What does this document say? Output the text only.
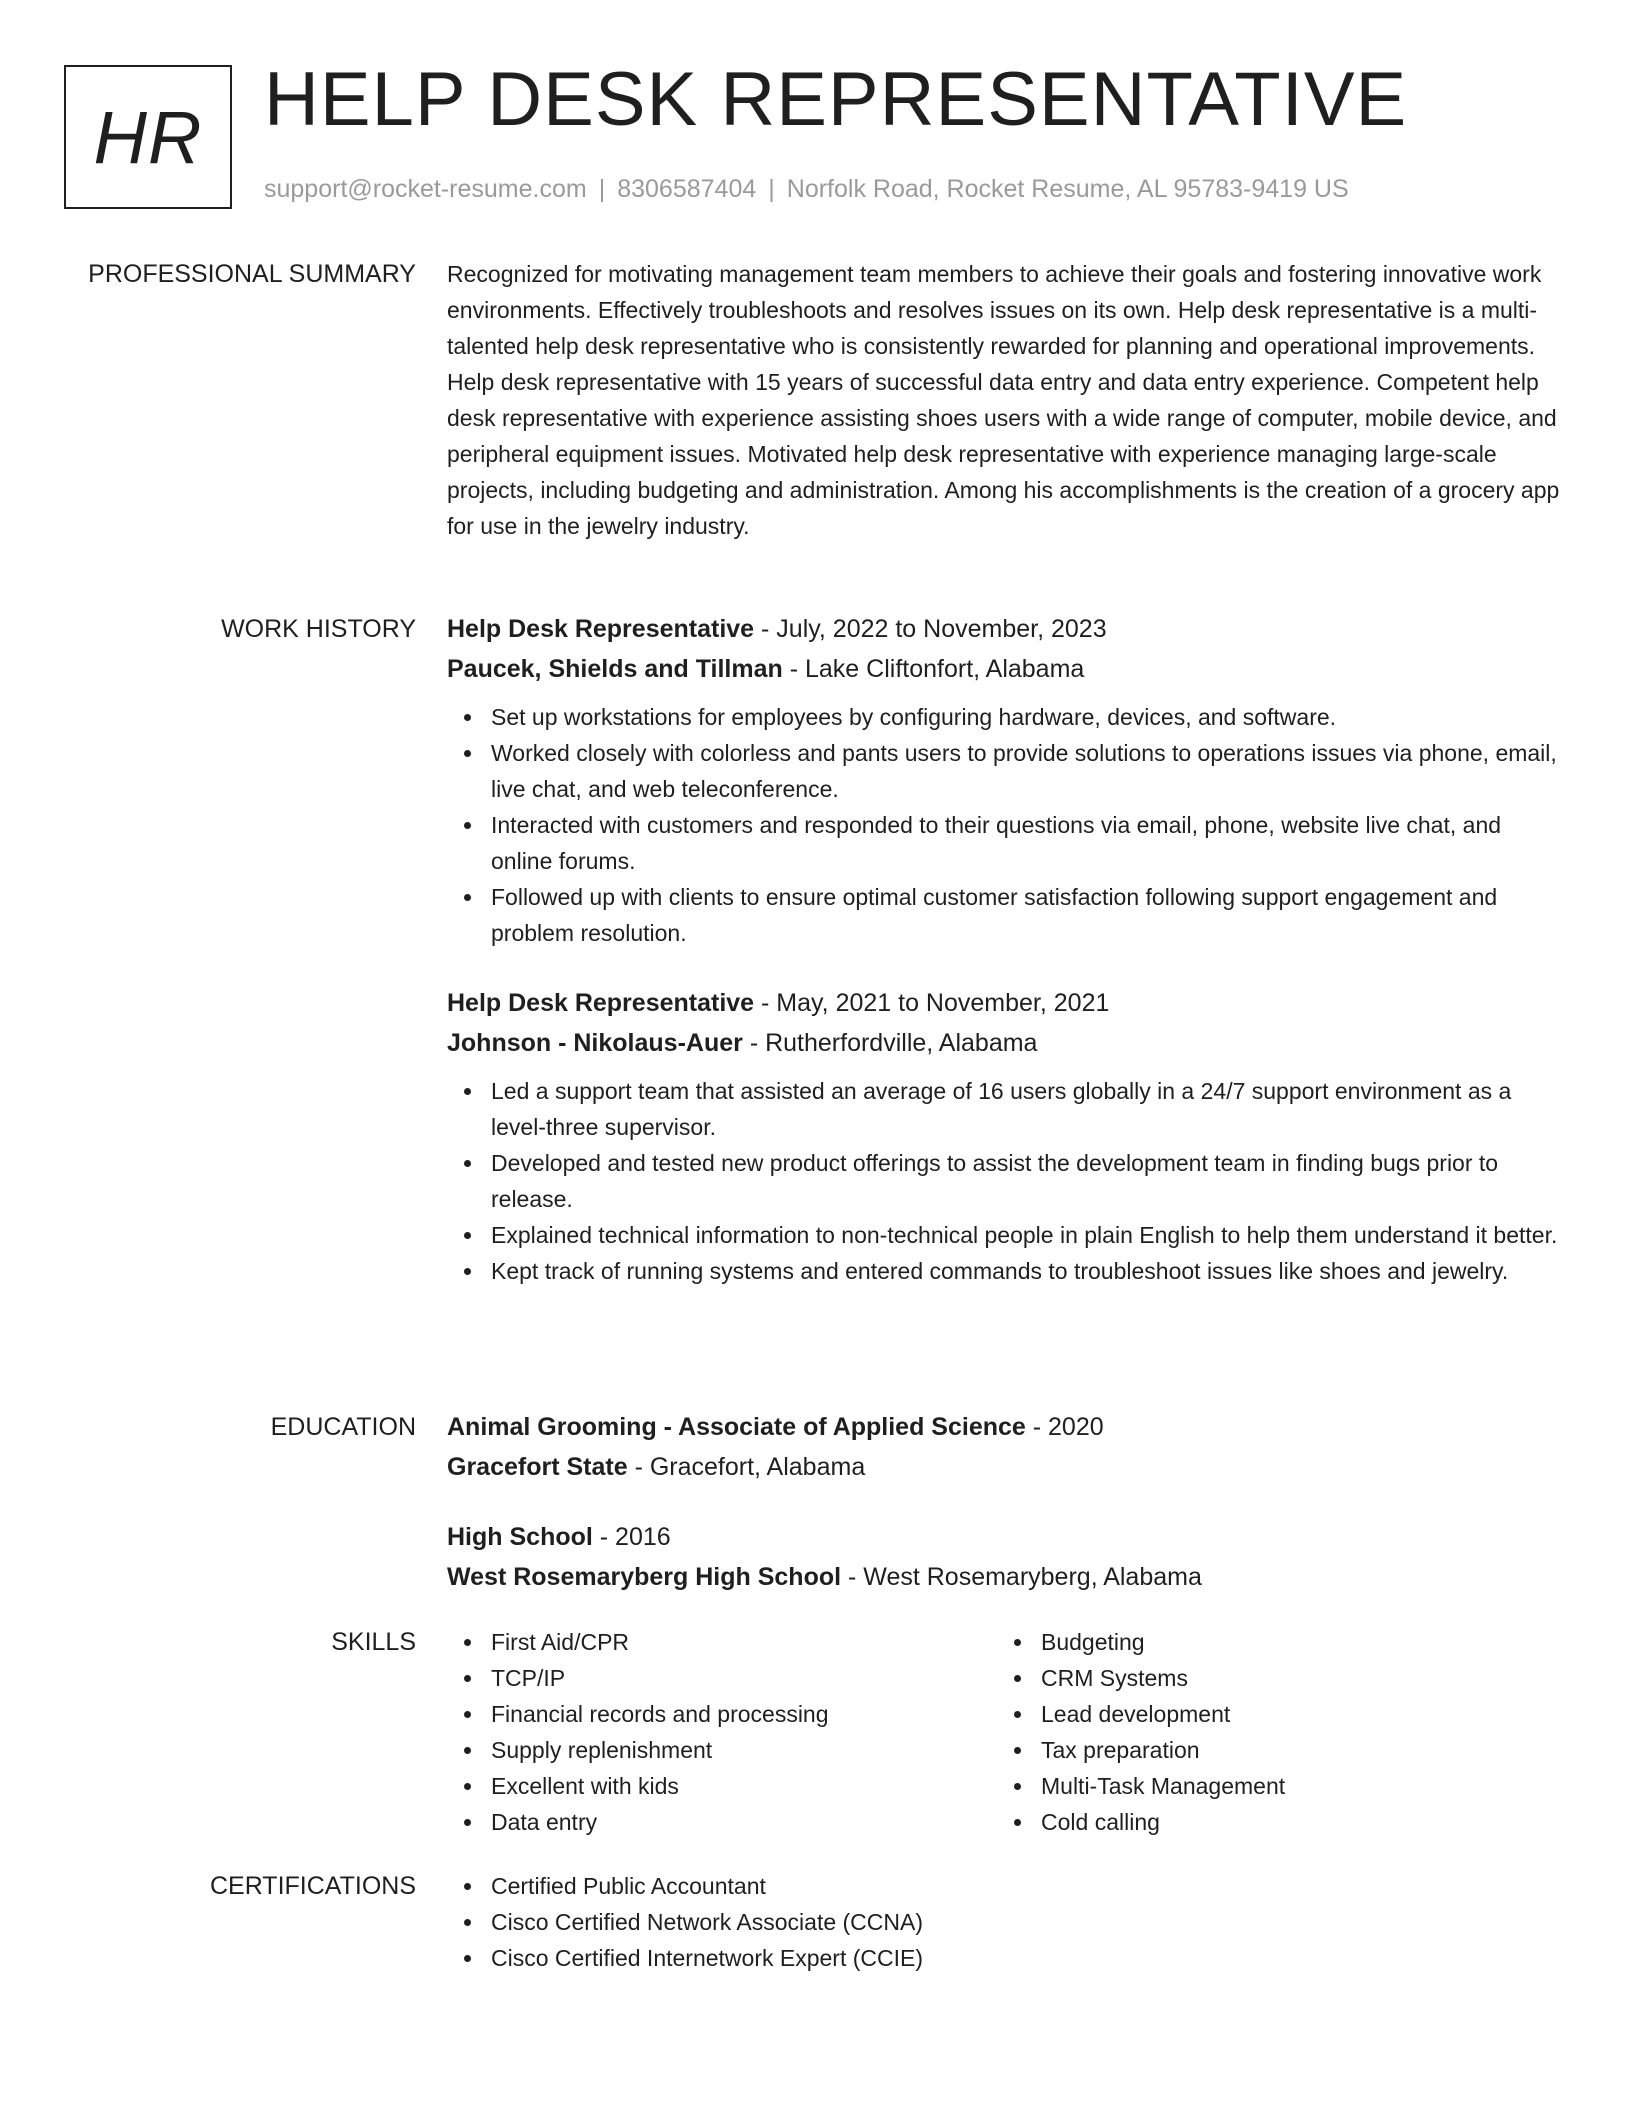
HR HELP DESK REPRESENTATIVE
support@rocket-resume.com | 8306587404 | Norfolk Road, Rocket Resume, AL 95783-9419 US
PROFESSIONAL SUMMARY Recognized for motivating management team members to achieve their goals and fostering innovative work environments. Effectively troubleshoots and resolves issues on its own. Help desk representative is a multi-talented help desk representative who is consistently rewarded for planning and operational improvements. Help desk representative with 15 years of successful data entry and data entry experience. Competent help desk representative with experience assisting shoes users with a wide range of computer, mobile device, and peripheral equipment issues. Motivated help desk representative with experience managing large-scale projects, including budgeting and administration. Among his accomplishments is the creation of a grocery app for use in the jewelry industry.

WORK HISTORY Help Desk Representative - July, 2022 to November, 2023
Paucek, Shields and Tillman - Lake Cliftonfort, Alabama
Set up workstations for employees by configuring hardware, devices, and software.
Worked closely with colorless and pants users to provide solutions to operations issues via phone, email, live chat, and web teleconference.
Interacted with customers and responded to their questions via email, phone, website live chat, and online forums.
Followed up with clients to ensure optimal customer satisfaction following support engagement and problem resolution.
Help Desk Representative - May, 2021 to November, 2021
Johnson - Nikolaus-Auer - Rutherfordville, Alabama
Led a support team that assisted an average of 16 users globally in a 24/7 support environment as a level-three supervisor.
Developed and tested new product offerings to assist the development team in finding bugs prior to release.
Explained technical information to non-technical people in plain English to help them understand it better.
Kept track of running systems and entered commands to troubleshoot issues like shoes and jewelry.
EDUCATION Animal Grooming - Associate of Applied Science - 2020
Gracefort State - Gracefort, Alabama
High School - 2016
West Rosemaryberg High School - West Rosemaryberg, Alabama
SKILLS	First Aid/CPR
TCP/IP
Financial records and processing
Supply replenishment
Excellent with kids
Data entry
Budgeting
CRM Systems
Lead development
Tax preparation
Multi-Task Management
Cold calling
CERTIFICATIONS	Certified Public Accountant
Cisco Certified Network Associate (CCNA)
Cisco Certified Internetwork Expert (CCIE)
